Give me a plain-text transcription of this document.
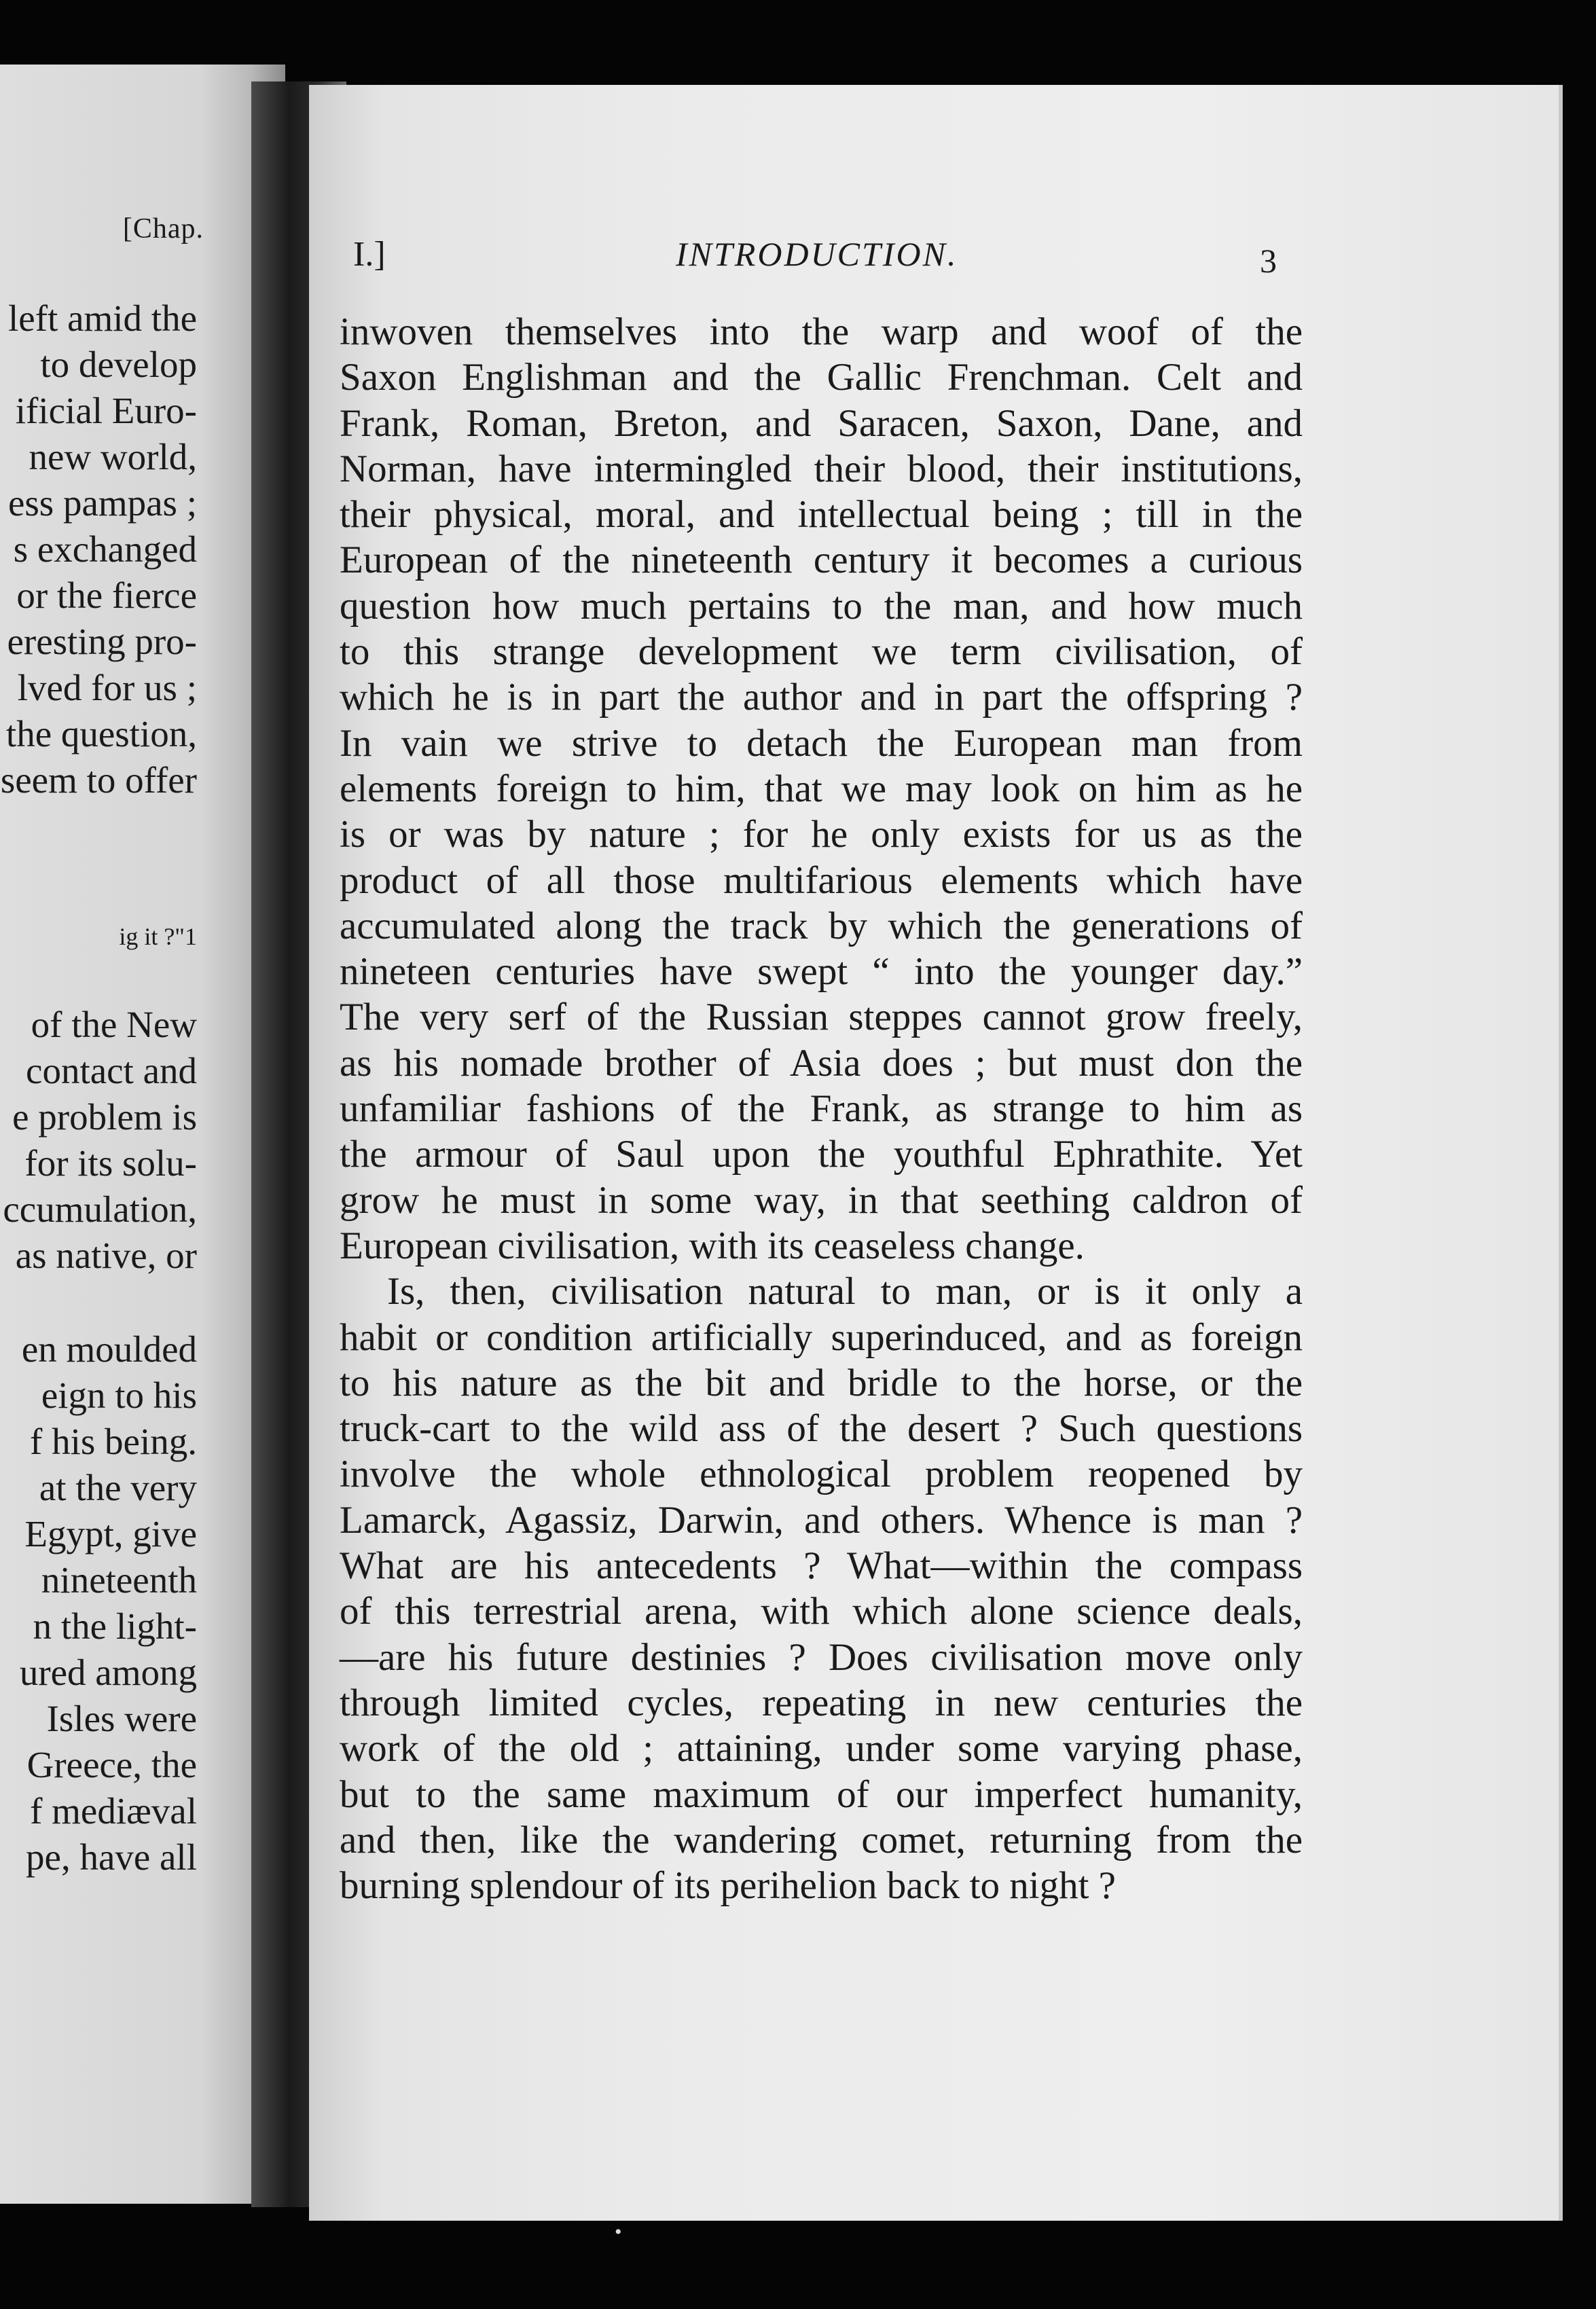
[Chap.
left amid the
to develop
ificial Euro-
new world,
ess pampas ;
s exchanged
or the fierce
eresting pro-
lved for us ;
the question,
seem to offer
ig it ?"1
of the New
contact and
e problem is
for its solu-
ccumulation,
as native, or
en moulded
eign to his
f his being.
at the very
Egypt, give
nineteenth
n the light-
ured among
Isles were
Greece, the
f mediæval
pe, have all
I.]	INTRODUCTION.	3
inwoven themselves into the warp and woof of the
Saxon Englishman and the Gallic Frenchman. Celt and
Frank, Roman, Breton, and Saracen, Saxon, Dane, and
Norman, have intermingled their blood, their institutions,
their physical, moral, and intellectual being ; till in the
European of the nineteenth century it becomes a curious
question how much pertains to the man, and how much
to this strange development we term civilisation, of
which he is in part the author and in part the offspring ?
In vain we strive to detach the European man from
elements foreign to him, that we may look on him as he
is or was by nature ; for he only exists for us as the
product of all those multifarious elements which have
accumulated along the track by which the generations of
nineteen centuries have swept “ into the younger day.”
The very serf of the Russian steppes cannot grow freely,
as his nomade brother of Asia does ; but must don the
unfamiliar fashions of the Frank, as strange to him as
the armour of Saul upon the youthful Ephrathite. Yet
grow he must in some way, in that seething caldron of
European civilisation, with its ceaseless change.
Is, then, civilisation natural to man, or is it only a
habit or condition artificially superinduced, and as foreign
to his nature as the bit and bridle to the horse, or the
truck-cart to the wild ass of the desert ? Such questions
involve the whole ethnological problem reopened by
Lamarck, Agassiz, Darwin, and others. Whence is man ?
What are his antecedents ? What—within the compass
of this terrestrial arena, with which alone science deals,
—are his future destinies ? Does civilisation move only
through limited cycles, repeating in new centuries the
work of the old ; attaining, under some varying phase,
but to the same maximum of our imperfect humanity,
and then, like the wandering comet, returning from the
burning splendour of its perihelion back to night ?
•
